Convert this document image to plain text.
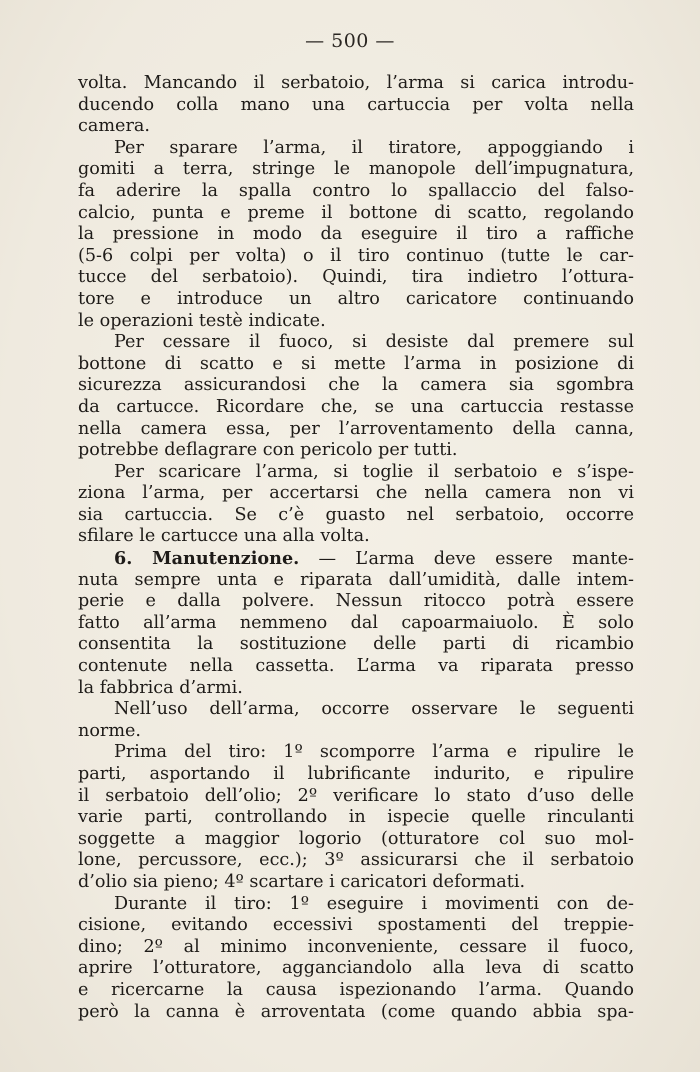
— 500 —
volta. Mancando il serbatoio, l’arma si carica introdu-
ducendo colla mano una cartuccia per volta nella
camera.
Per sparare l’arma, il tiratore, appoggiando i
gomiti a terra, stringe le manopole dell’impugnatura,
fa aderire la spalla contro lo spallaccio del falso-
calcio, punta e preme il bottone di scatto, regolando
la pressione in modo da eseguire il tiro a raffiche
(5-6 colpi per volta) o il tiro continuo (tutte le car-
tucce del serbatoio). Quindi, tira indietro l’ottura-
tore e introduce un altro caricatore continuando
le operazioni testè indicate.
Per cessare il fuoco, si desiste dal premere sul
bottone di scatto e si mette l’arma in posizione di
sicurezza assicurandosi che la camera sia sgombra
da cartucce. Ricordare che, se una cartuccia restasse
nella camera essa, per l’arroventamento della canna,
potrebbe deflagrare con pericolo per tutti.
Per scaricare l’arma, si toglie il serbatoio e s’ispe-
ziona l’arma, per accertarsi che nella camera non vi
sia cartuccia. Se c’è guasto nel serbatoio, occorre
sfilare le cartucce una alla volta.
6. Manutenzione. — L’arma deve essere mante-
nuta sempre unta e riparata dall’umidità, dalle intem-
perie e dalla polvere. Nessun ritocco potrà essere
fatto all’arma nemmeno dal capoarmaiuolo. È solo
consentita la sostituzione delle parti di ricambio
contenute nella cassetta. L’arma va riparata presso
la fabbrica d’armi.
Nell’uso dell’arma, occorre osservare le seguenti
norme.
Prima del tiro: 1º scomporre l’arma e ripulire le
parti, asportando il lubrificante indurito, e ripulire
il serbatoio dell’olio; 2º verificare lo stato d’uso delle
varie parti, controllando in ispecie quelle rinculanti
soggette a maggior logorio (otturatore col suo mol-
lone, percussore, ecc.); 3º assicurarsi che il serbatoio
d’olio sia pieno; 4º scartare i caricatori deformati.
Durante il tiro: 1º eseguire i movimenti con de-
cisione, evitando eccessivi spostamenti del treppie-
dino; 2º al minimo inconveniente, cessare il fuoco,
aprire l’otturatore, agganciandolo alla leva di scatto
e ricercarne la causa ispezionando l’arma. Quando
però la canna è arroventata (come quando abbia spa-
